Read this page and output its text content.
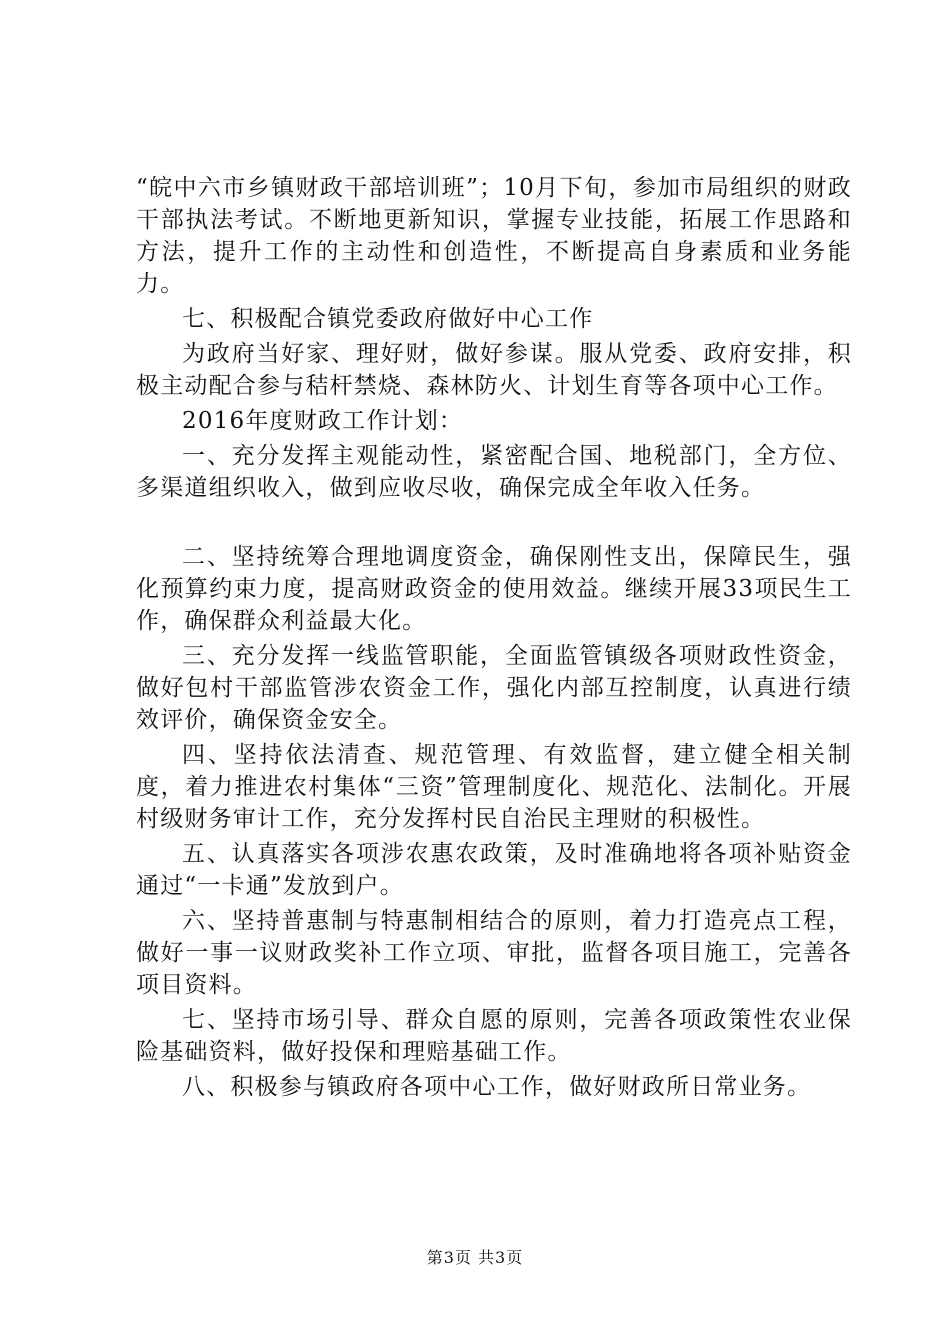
“皖中六市乡镇财政干部培训班”；10月下旬，参加市局组织的财政干部执法考试。不断地更新知识，掌握专业技能，拓展工作思路和方法，提升工作的主动性和创造性，不断提高自身素质和业务能力。

七、积极配合镇党委政府做好中心工作

为政府当好家、理好财，做好参谋。服从党委、政府安排，积极主动配合参与秸杆禁烧、森林防火、计划生育等各项中心工作。

2016年度财政工作计划：

一、充分发挥主观能动性，紧密配合国、地税部门，全方位、多渠道组织收入，做到应收尽收，确保完成全年收入任务。

二、坚持统筹合理地调度资金，确保刚性支出，保障民生，强化预算约束力度，提高财政资金的使用效益。继续开展33项民生工作，确保群众利益最大化。

三、充分发挥一线监管职能，全面监管镇级各项财政性资金，做好包村干部监管涉农资金工作，强化内部互控制度，认真进行绩效评价，确保资金安全。

四、坚持依法清查、规范管理、有效监督，建立健全相关制度，着力推进农村集体“三资”管理制度化、规范化、法制化。开展村级财务审计工作，充分发挥村民自治民主理财的积极性。

五、认真落实各项涉农惠农政策，及时准确地将各项补贴资金通过“一卡通”发放到户。

六、坚持普惠制与特惠制相结合的原则，着力打造亮点工程，做好一事一议财政奖补工作立项、审批，监督各项目施工，完善各项目资料。

七、坚持市场引导、群众自愿的原则，完善各项政策性农业保险基础资料，做好投保和理赔基础工作。

八、积极参与镇政府各项中心工作，做好财政所日常业务。

第3页 共3页
